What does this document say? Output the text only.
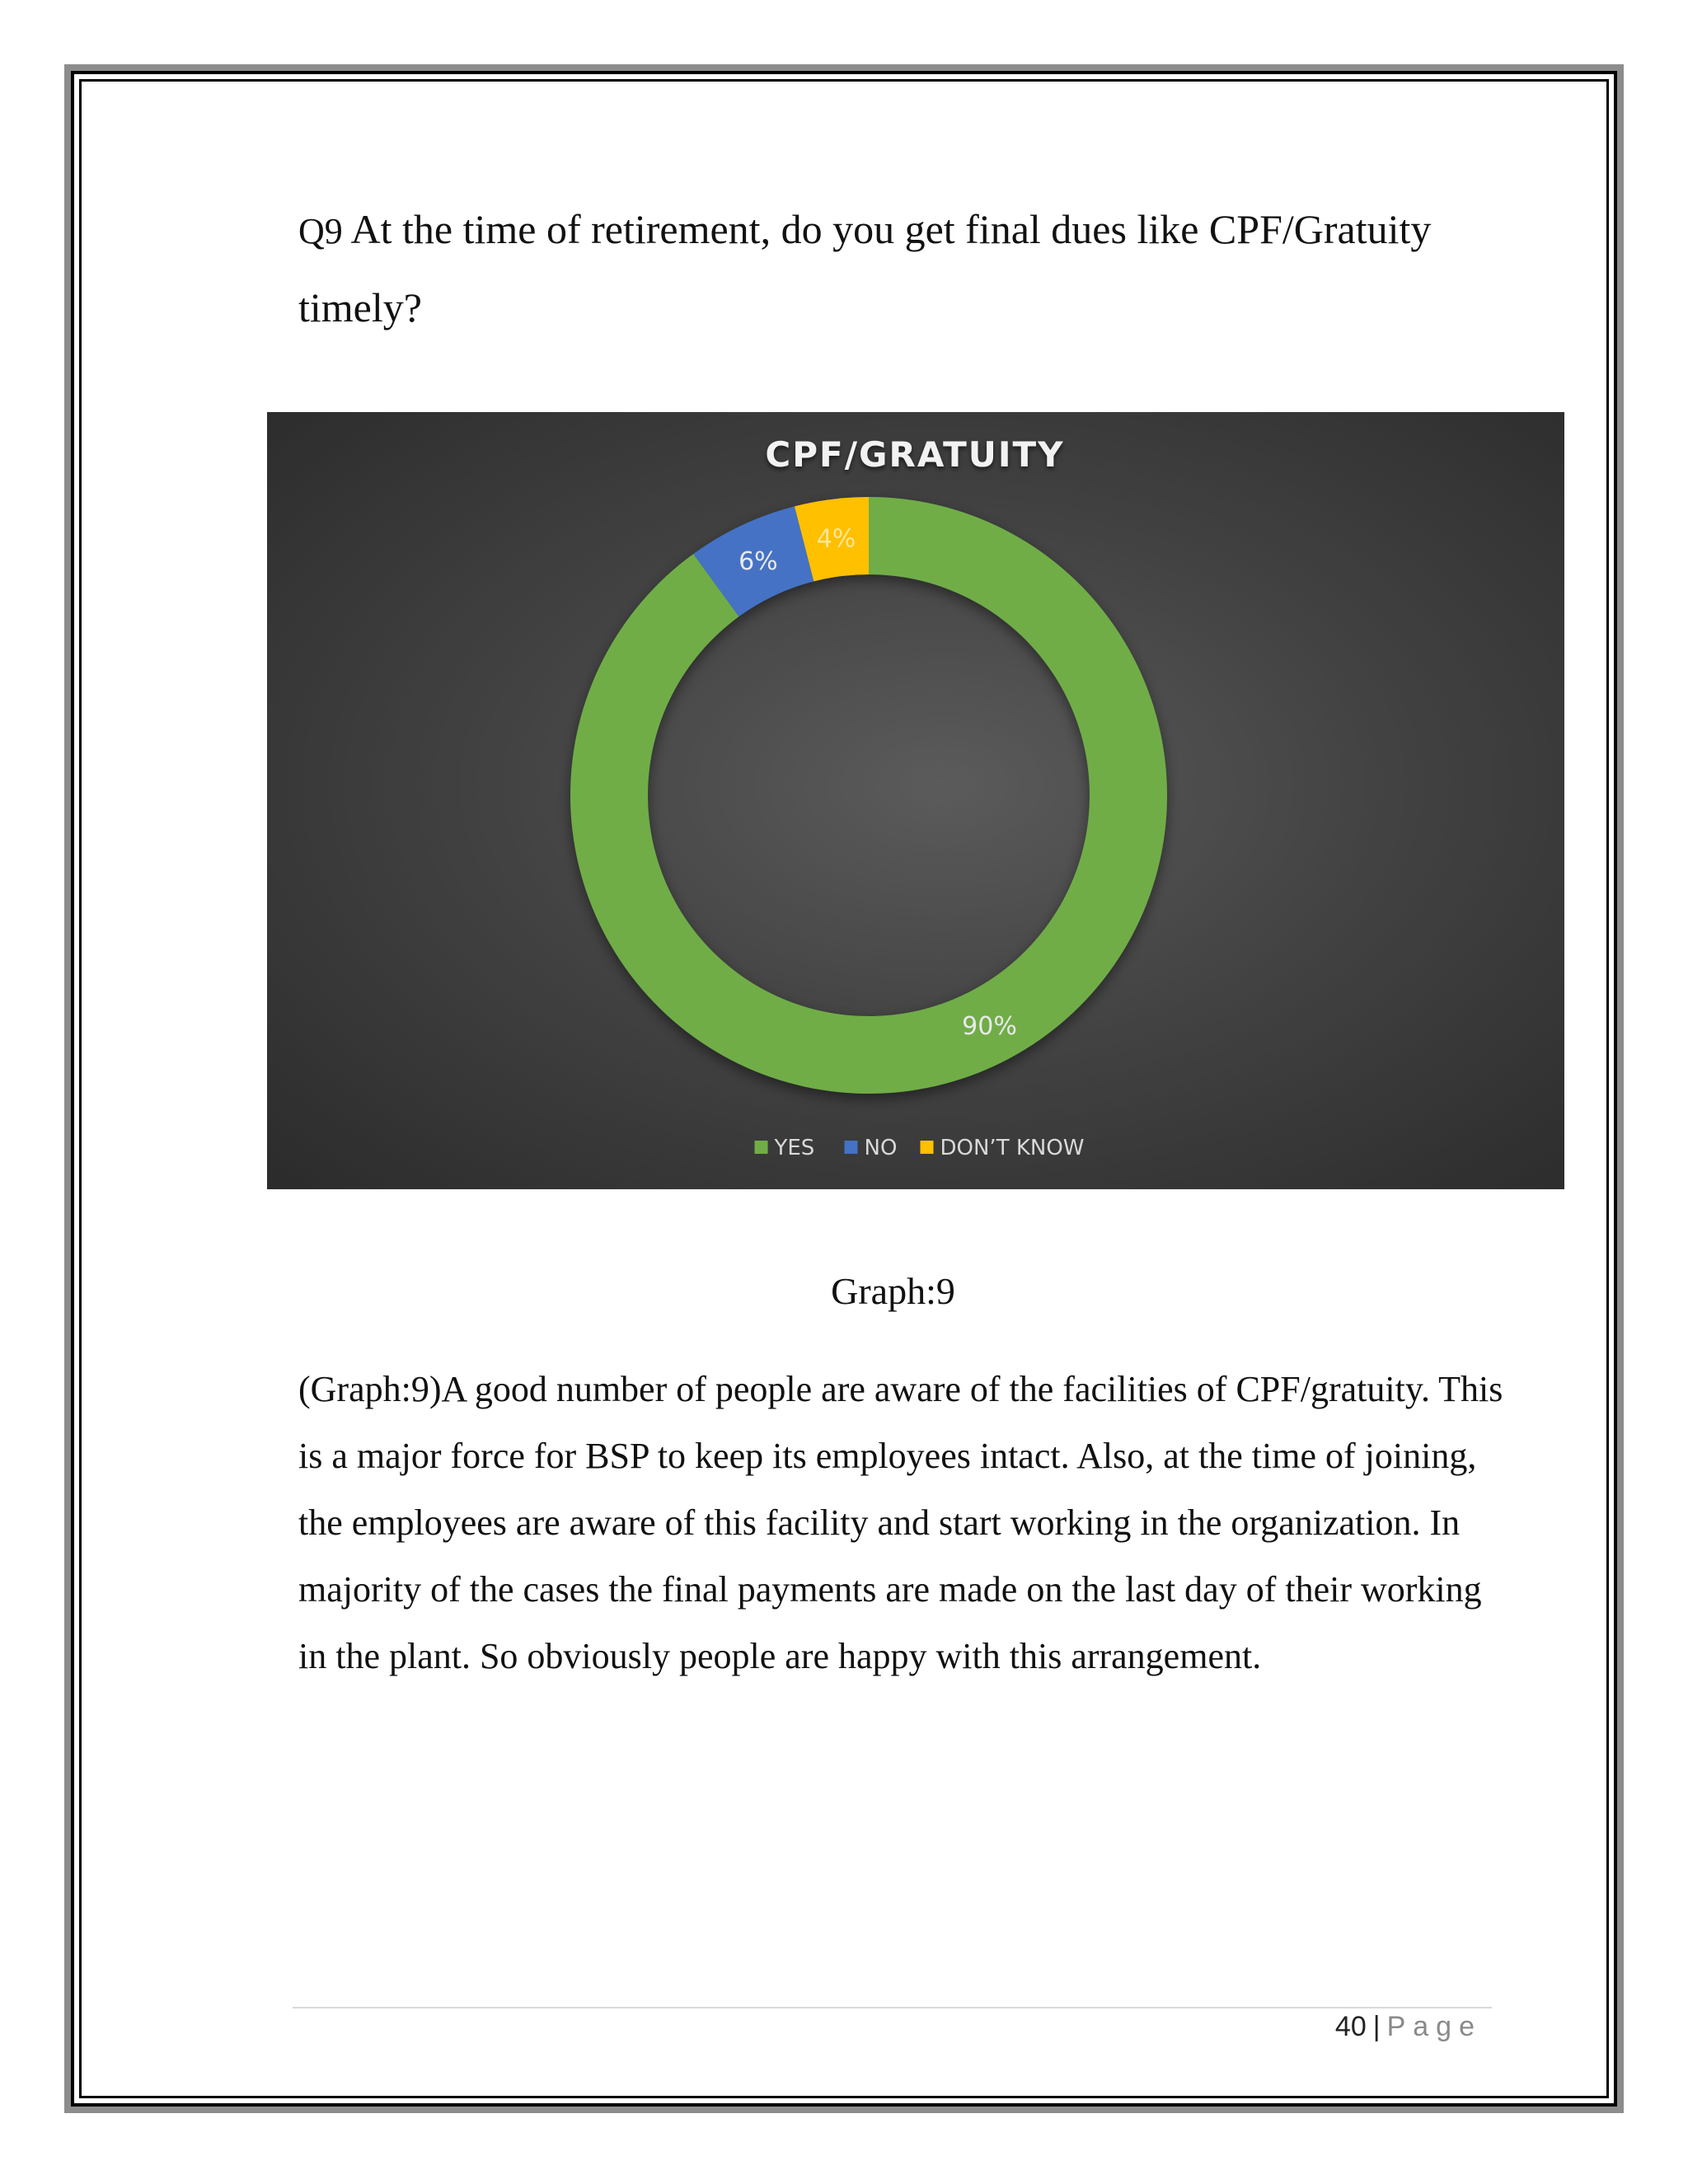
Q9 At the time of retirement, do you get final dues like CPF/Gratuity timely?

CPF/GRATUITY
90%
6%
4%
YES NO DON’T KNOW

Graph:9

(Graph:9)A good number of people are aware of the facilities of CPF/gratuity. This is a major force for BSP to keep its employees intact. Also, at the time of joining, the employees are aware of this facility and start working in the organization. In majority of the cases the final payments are made on the last day of their working in the plant. So obviously people are happy with this arrangement.

40 | Page
